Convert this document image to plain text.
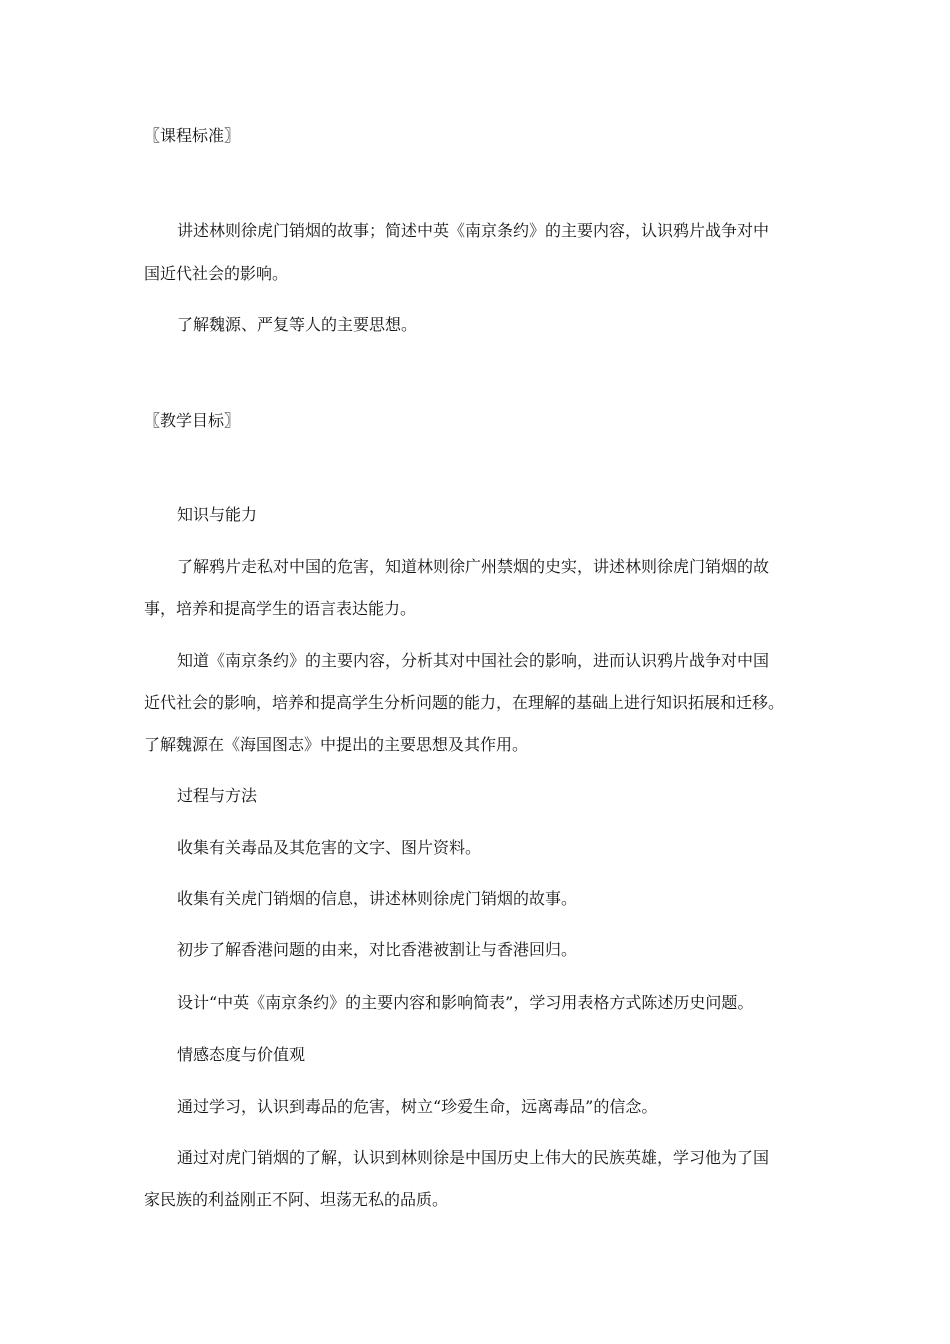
〖课程标准〗

讲述林则徐虎门销烟的故事；简述中英《南京条约》的主要内容，认识鸦片战争对中

国近代社会的影响。

了解魏源、严复等人的主要思想。

〖教学目标〗

知识与能力

了解鸦片走私对中国的危害，知道林则徐广州禁烟的史实，讲述林则徐虎门销烟的故

事，培养和提高学生的语言表达能力。

知道《南京条约》的主要内容，分析其对中国社会的影响，进而认识鸦片战争对中国

近代社会的影响，培养和提高学生分析问题的能力，在理解的基础上进行知识拓展和迁移。

了解魏源在《海国图志》中提出的主要思想及其作用。

过程与方法

收集有关毒品及其危害的文字、图片资料。

收集有关虎门销烟的信息，讲述林则徐虎门销烟的故事。

初步了解香港问题的由来，对比香港被割让与香港回归。

设计“中英《南京条约》的主要内容和影响简表”，学习用表格方式陈述历史问题。

情感态度与价值观

通过学习，认识到毒品的危害，树立“珍爱生命，远离毒品”的信念。

通过对虎门销烟的了解，认识到林则徐是中国历史上伟大的民族英雄，学习他为了国

家民族的利益刚正不阿、坦荡无私的品质。
